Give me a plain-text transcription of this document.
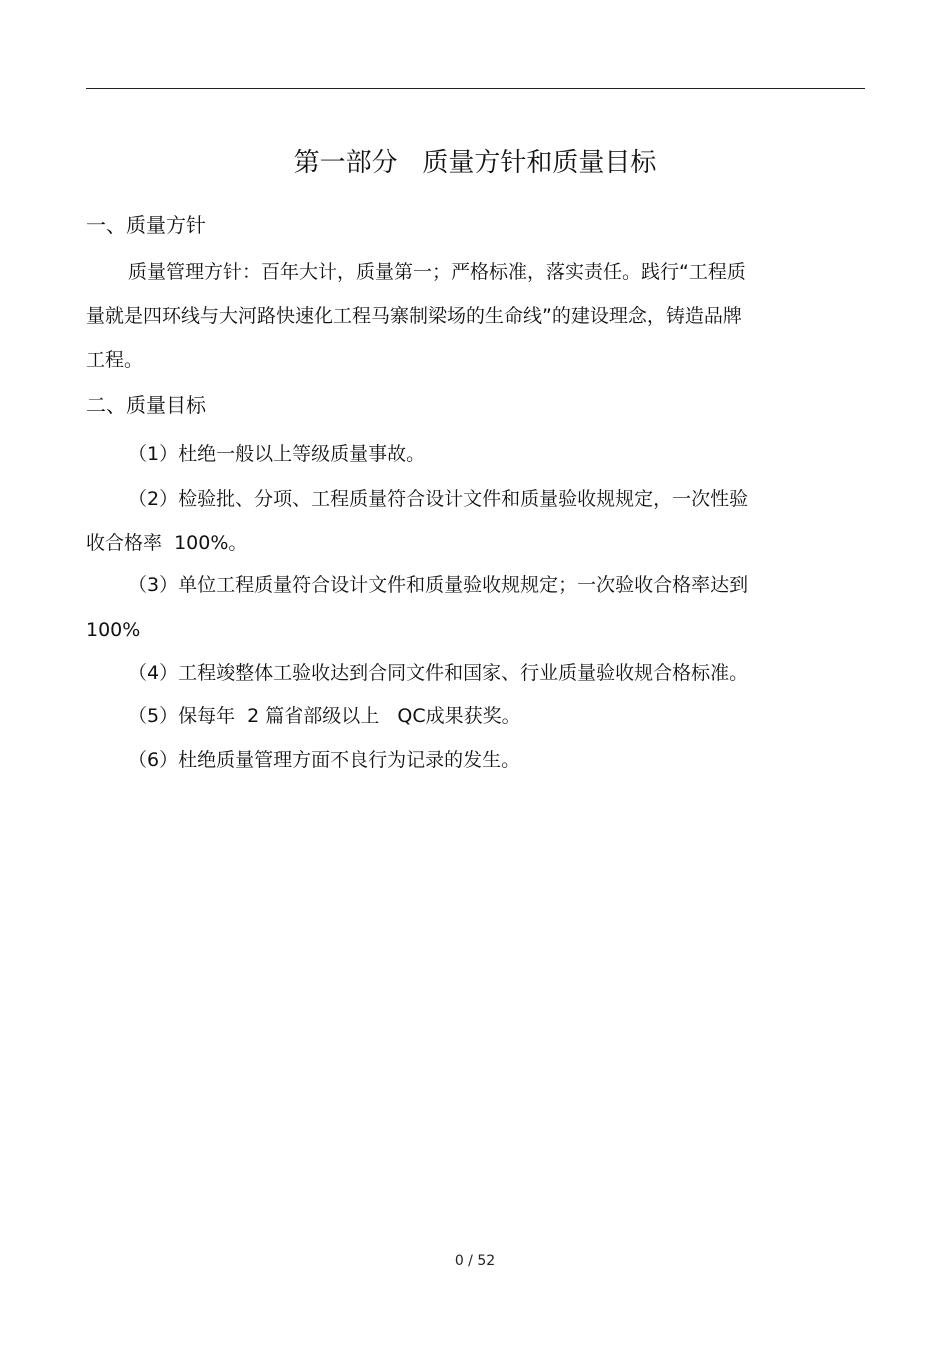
第一部分   质量方针和质量目标
一、质量方针
质量管理方针：百年大计，质量第一；严格标准，落实责任。践行“工程质
量就是四环线与大河路快速化工程马寨制梁场的生命线”的建设理念，铸造品牌
工程。
二、质量目标
（1）杜绝一般以上等级质量事故。
（2）检验批、分项、工程质量符合设计文件和质量验收规规定，一次性验
收合格率  100%。
（3）单位工程质量符合设计文件和质量验收规规定；一次验收合格率达到
100%
（4）工程竣整体工验收达到合同文件和国家、行业质量验收规合格标准。
（5）保每年  2 篇省部级以上   QC成果获奖。
（6）杜绝质量管理方面不良行为记录的发生。
0 / 52
